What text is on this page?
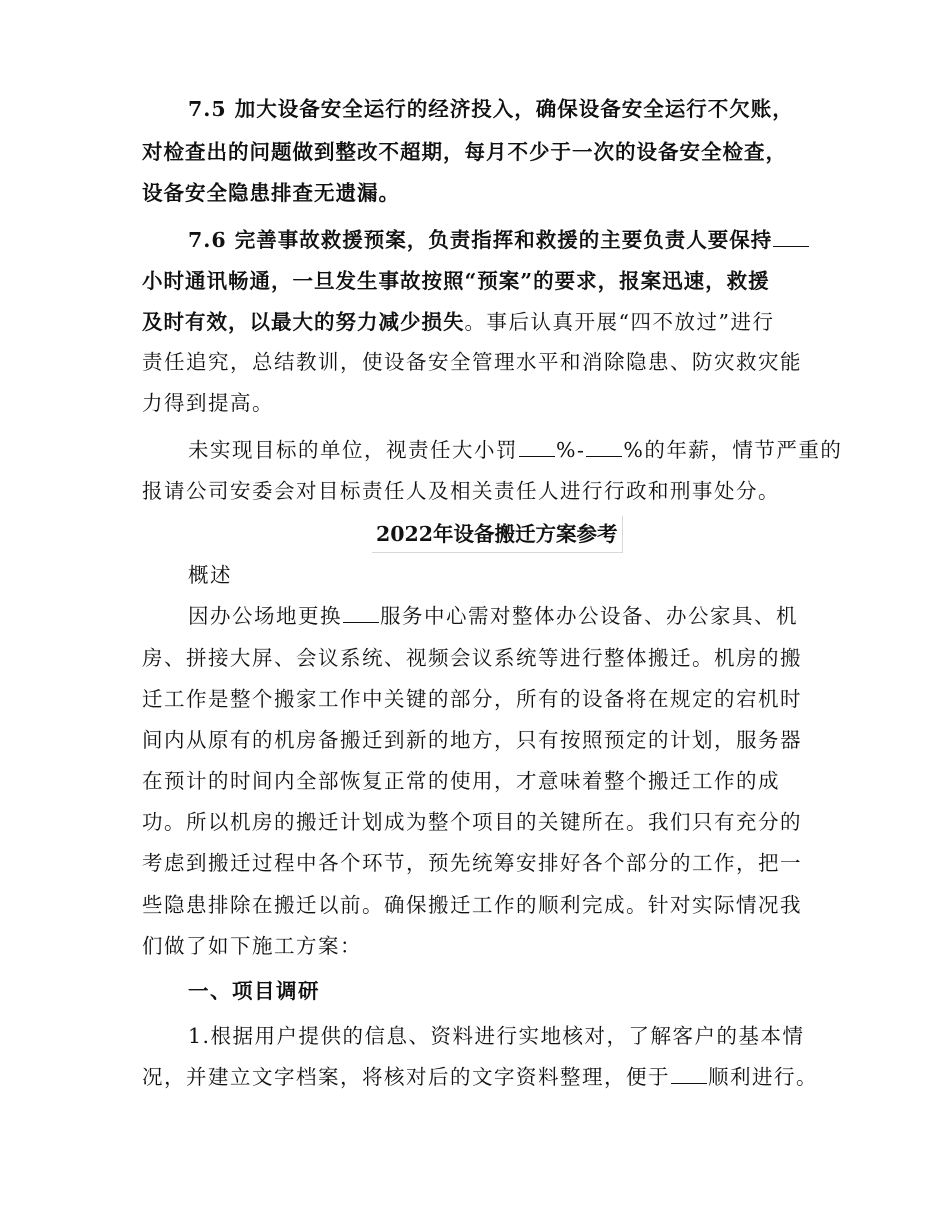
7.5 加大设备安全运行的经济投入，确保设备安全运行不欠账，
对检查出的问题做到整改不超期，每月不少于一次的设备安全检查，
设备安全隐患排查无遗漏。
7.6 完善事故救援预案，负责指挥和救援的主要负责人要保持
小时通讯畅通，一旦发生事故按照“预案”的要求，报案迅速，救援
及时有效，以最大的努力减少损失。事后认真开展“四不放过”进行
责任追究，总结教训，使设备安全管理水平和消除隐患、防灾救灾能
力得到提高。
未实现目标的单位，视责任大小罚 %- %的年薪，情节严重的
报请公司安委会对目标责任人及相关责任人进行行政和刑事处分。
2022年设备搬迁方案参考
概述
因办公场地更换 服务中心需对整体办公设备、办公家具、机
房、拼接大屏、会议系统、视频会议系统等进行整体搬迁。机房的搬
迁工作是整个搬家工作中关键的部分，所有的设备将在规定的宕机时
间内从原有的机房备搬迁到新的地方，只有按照预定的计划，服务器
在预计的时间内全部恢复正常的使用，才意味着整个搬迁工作的成
功。所以机房的搬迁计划成为整个项目的关键所在。我们只有充分的
考虑到搬迁过程中各个环节，预先统筹安排好各个部分的工作，把一
些隐患排除在搬迁以前。确保搬迁工作的顺利完成。针对实际情况我
们做了如下施工方案：
一、项目调研
1.根据用户提供的信息、资料进行实地核对，了解客户的基本情
况，并建立文字档案，将核对后的文字资料整理，便于 顺利进行。
